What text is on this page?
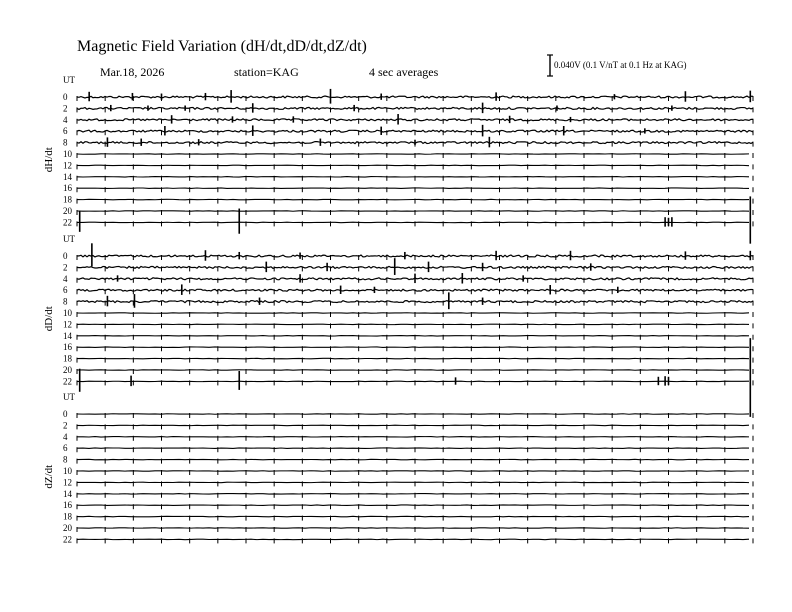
UT
dH/dt
0
2
4
6
8
10
12
14
16
18
20
22
UT
dD/dt
0
2
4
6
8
10
12
14
16
18
20
22
UT
dZ/dt
0
2
4
6
8
10
12
14
16
18
20
22
Magnetic Field Variation (dH/dt,dD/dt,dZ/dt)
Mar.18, 2026	station=KAG	4 sec averages	0.040V (0.1 V/nT at 0.1 Hz at KAG)
